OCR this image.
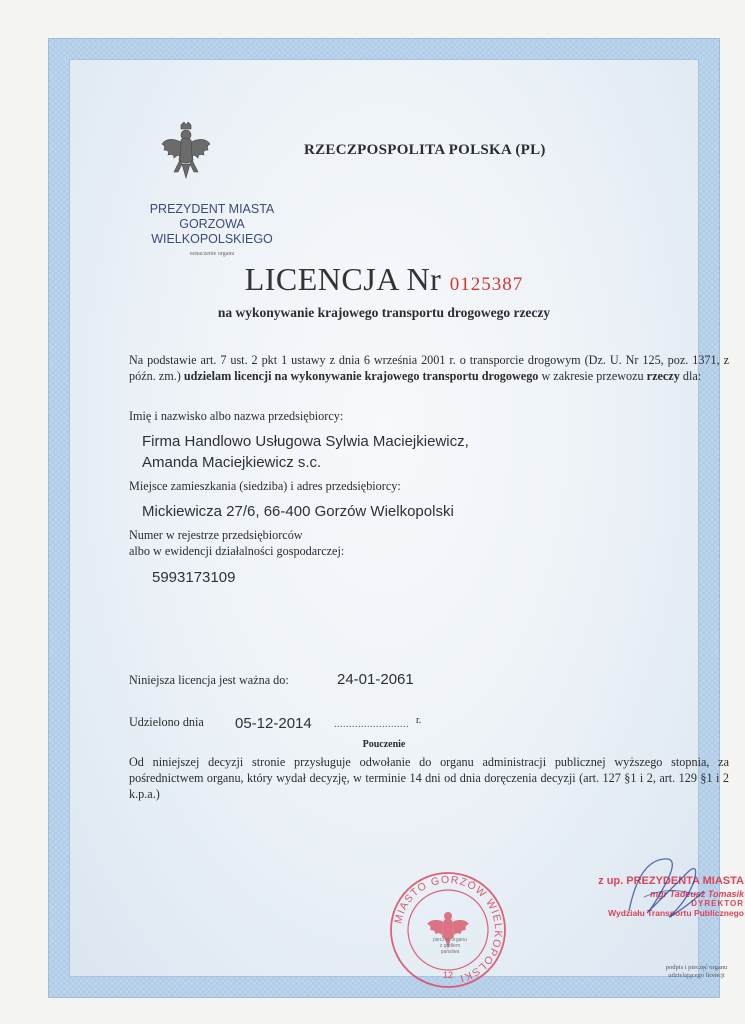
RZECZPOSPOLITA POLSKA (PL)
PREZYDENT MIASTA
GORZOWA
WIELKOPOLSKIEGO
oznaczenie organu
LICENCJA Nr 0125387
na wykonywanie krajowego transportu drogowego rzeczy
Na podstawie art. 7 ust. 2 pkt 1 ustawy z dnia 6 września 2001 r. o transporcie drogowym (Dz. U. Nr 125, poz. 1371, z późn. zm.) udzielam licencji na wykonywanie krajowego transportu drogowego w zakresie przewozu rzeczy dla:
Imię i nazwisko albo nazwa przedsiębiorcy:
Firma Handlowo Usługowa Sylwia Maciejkiewicz,
Amanda Maciejkiewicz s.c.
Miejsce zamieszkania (siedziba) i adres przedsiębiorcy:
Mickiewicza 27/6, 66-400 Gorzów Wielkopolski
Numer w rejestrze przedsiębiorców
albo w ewidencji działalności gospodarczej:
5993173109
Niniejsza licencja jest ważna do:	24-01-2061
Udzielono dnia 05-12-2014 ......................... r.
Pouczenie
Od niniejszej decyzji stronie przysługuje odwołanie do organu administracji publicznej wyższego stopnia, za pośrednictwem organu, który wydał decyzję, w terminie 14 dni od dnia doręczenia decyzji (art. 127 §1 i 2, art. 129 §1 i 2 k.p.a.)
MIASTO GORZÓW WIELKOPOLSKI
12
pieczęć organu
z godłem państwa
z up. PREZYDENTA MIASTA
mgr Tadeusz Tomasik
DYREKTOR
Wydziału Transportu Publicznego
podpis i pieczęć organu
udzielającego licencji
